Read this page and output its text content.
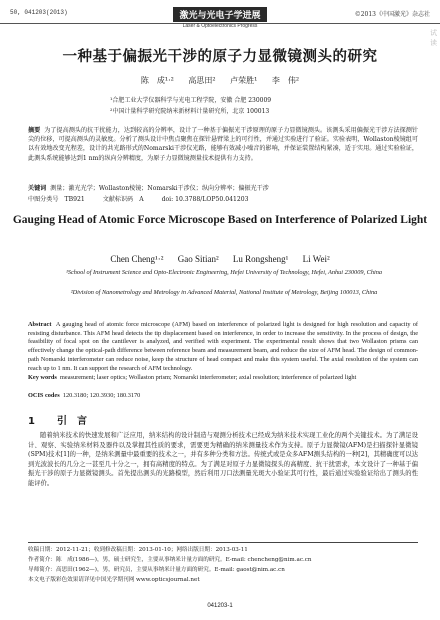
50, 041203(2013)	激光与光电子学进展
Laser & Optoelectronics Progress
©2013《中国激光》杂志社
试读
一种基于偏振光干涉的原子力显微镜测头的研究
陈　成¹·² 高思田² 卢荣胜¹ 李　伟²
¹合肥工业大学仪器科学与光电工程学院，安徽 合肥 230009
²中国计量科学研究院纳米新材料计量研究所，北京 100013
摘要 为了提高测头的抗干扰能力，达到较高的分辨率，设计了一种基于偏振光干涉原理的原子力显微镜测头。该测头采用偏振光干涉方法探测针尖的位移，可提高测头的灵敏度。分析了测头设计中焦点聚焦在探针悬臂梁上的可行性，并通过实验进行了验证。实验表明，Wollaston棱镜组可以有效地改变光程差，设计的共光路形式的Nomarski干涉仪光路，能够有效减小噪音的影响，并保证装置结构紧凑，适于实用。通过实验验证，此测头系统能够达到1 nm的纵向分辨精度，为原子力显微镜测量技术提供有力支持。
关键词 测量；激光光学；Wollaston棱镜；Nomarski干涉仪；纵向分辨率；偏振光干涉
中图分类号　TB921	文献标识码　A	doi: 10.3788/LOP50.041203
Gauging Head of Atomic Force Microscope Based on Interference of Polarized Light
Chen Cheng¹·² Gao Sitian² Lu Rongsheng¹ Li Wei²
¹School of Instrument Science and Opto-Electronic Engineering, Hefei University of Technology, Hefei, Anhui 230009, China
²Division of Nanometrology and Metrology in Advanced Material, National Institute of Metrology, Beijing 100013, China
Abstract A gauging head of atomic force microscope (AFM) based on interference of polarized light is designed for high resolution and capacity of resisting disturbance. This AFM head detects the tip displacement based on interference, in order to increase the sensitivity. In the process of design, the feasibility of focal spot on the cantilever is analyzed, and verified with experiment. The experimental result shows that two Wollaston prisms can effectively change the optical-path difference between reference beam and measurement beam, and reduce the size of AFM head. The design of common-path Nomarski interferometer can reduce noise, keep the structure of head compact and make this system useful. The axial resolution of the system can reach up to 1 nm. It can support the research of AFM technology.
Key words measurement; laser optics; Wollaston prism; Nomarski interferometer; axial resolution; interference of polarized light
OCIS codes 120.3180; 120.3930; 180.3170
1 引　言
随着纳米技术的快速发展和广泛应用，纳米结构的设计制造与观测分析技术已经成为纳米技术实现工业化的两个关键技术。为了满足设计、观察、实验纳米材料及器件以及掌握其性质的要求，需要更为精确的纳米测量技术作为支持。原子力显微镜(AFM)是扫描探针显微镜(SPM)技术[1]的一种，是纳米测量中最重要的技术之一，并有多种分类和方法。传统式或是众多AFM测头结构的一种[2]，其精确度可以达到光波波长的几分之一甚至几十分之一，拥有高精度的特点。为了满足对原子力显微镜探头的高精度、抗干扰需求，本文设计了一种基于偏振光干涉的原子力显微镜测头。首先提出测头的光路模型，然后利用刀口法测量光斑大小验证其可行性，最后通过实验验证给出了测头的性能评价。
收稿日期：2012-11-21；收到修改稿日期：2013-01-10；网络出版日期：2013-03-11
作者简介：陈　成(1986—)，男，硕士研究生，主要从事纳米计量方面的研究。E-mail: chencheng@nim.ac.cn
导师简介：高思田(1962—)，男，研究员，主要从事纳米计量方面的研究。E-mail: gaost@nim.ac.cn
本文电子版彩色效果请详见中国光学期刊网 www.opticsjournal.net
041203-1
